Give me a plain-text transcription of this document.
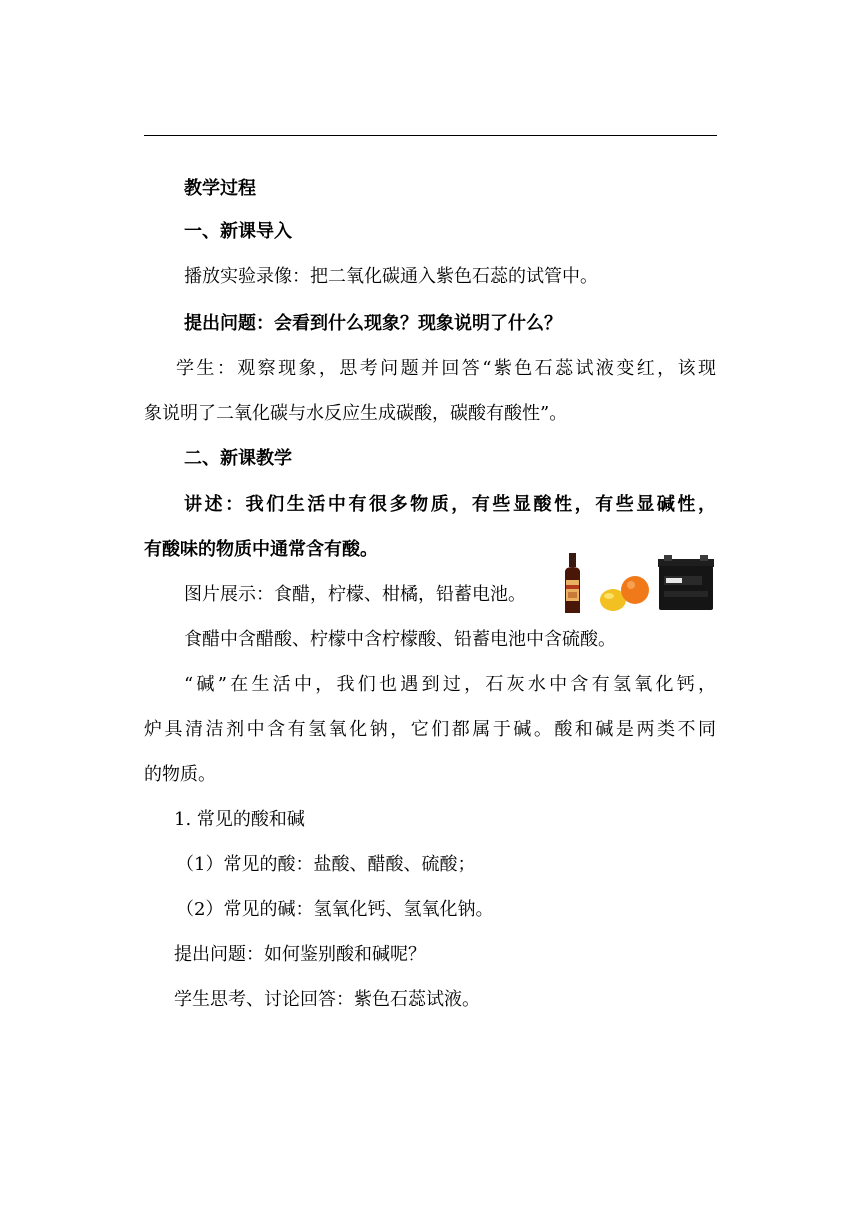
教学过程
一、新课导入
播放实验录像：把二氧化碳通入紫色石蕊的试管中。
提出问题：会看到什么现象？现象说明了什么？
学生：观察现象，思考问题并回答“紫色石蕊试液变红，该现
象说明了二氧化碳与水反应生成碳酸，碳酸有酸性”。
二、新课教学
讲述：我们生活中有很多物质，有些显酸性，有些显碱性，
有酸味的物质中通常含有酸。
图片展示：食醋，柠檬、柑橘，铅蓄电池。
食醋中含醋酸、柠檬中含柠檬酸、铅蓄电池中含硫酸。
“碱”在生活中，我们也遇到过，石灰水中含有氢氧化钙，
炉具清洁剂中含有氢氧化钠，它们都属于碱。酸和碱是两类不同
的物质。
1. 常见的酸和碱
（1）常见的酸：盐酸、醋酸、硫酸；
（2）常见的碱：氢氧化钙、氢氧化钠。
提出问题：如何鉴别酸和碱呢？
学生思考、讨论回答：紫色石蕊试液。
